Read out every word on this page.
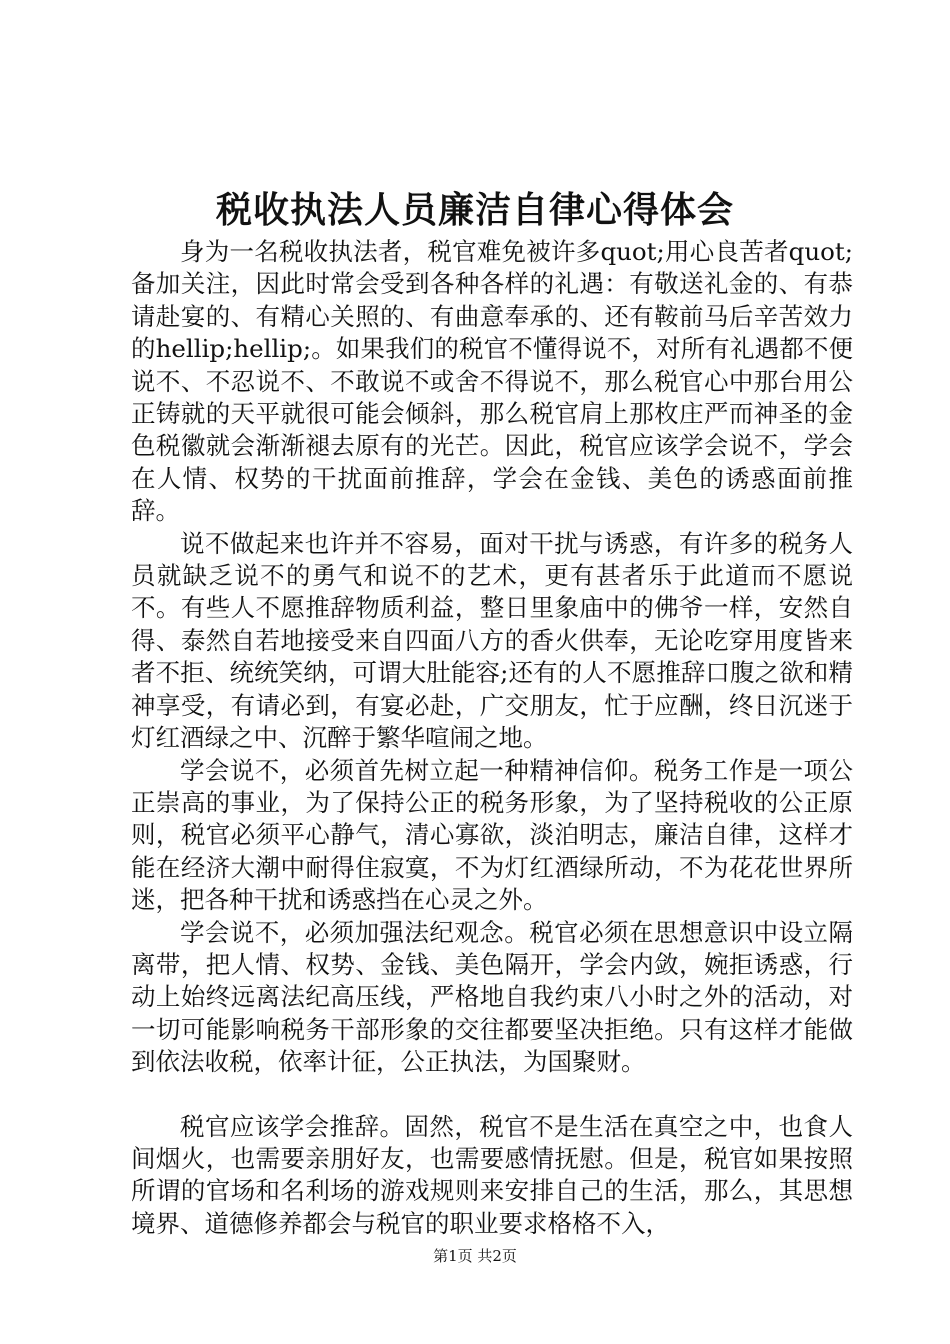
税收执法人员廉洁自律心得体会

身为一名税收执法者，税官难免被许多quot;用心良苦者quot;备加关注，因此时常会受到各种各样的礼遇：有敬送礼金的、有恭请赴宴的、有精心关照的、有曲意奉承的、还有鞍前马后辛苦效力的hellip;hellip;。如果我们的税官不懂得说不，对所有礼遇都不便说不、不忍说不、不敢说不或舍不得说不，那么税官心中那台用公正铸就的天平就很可能会倾斜，那么税官肩上那枚庄严而神圣的金色税徽就会渐渐褪去原有的光芒。因此，税官应该学会说不，学会在人情、权势的干扰面前推辞，学会在金钱、美色的诱惑面前推辞。

说不做起来也许并不容易，面对干扰与诱惑，有许多的税务人员就缺乏说不的勇气和说不的艺术，更有甚者乐于此道而不愿说不。有些人不愿推辞物质利益，整日里象庙中的佛爷一样，安然自得、泰然自若地接受来自四面八方的香火供奉，无论吃穿用度皆来者不拒、统统笑纳，可谓大肚能容;还有的人不愿推辞口腹之欲和精神享受，有请必到，有宴必赴，广交朋友，忙于应酬，终日沉迷于灯红酒绿之中、沉醉于繁华喧闹之地。

学会说不，必须首先树立起一种精神信仰。税务工作是一项公正崇高的事业，为了保持公正的税务形象，为了坚持税收的公正原则，税官必须平心静气，清心寡欲，淡泊明志，廉洁自律，这样才能在经济大潮中耐得住寂寞，不为灯红酒绿所动，不为花花世界所迷，把各种干扰和诱惑挡在心灵之外。

学会说不，必须加强法纪观念。税官必须在思想意识中设立隔离带，把人情、权势、金钱、美色隔开，学会内敛，婉拒诱惑，行动上始终远离法纪高压线，严格地自我约束八小时之外的活动，对一切可能影响税务干部形象的交往都要坚决拒绝。只有这样才能做到依法收税，依率计征，公正执法，为国聚财。

税官应该学会推辞。固然，税官不是生活在真空之中，也食人间烟火，也需要亲朋好友，也需要感情抚慰。但是，税官如果按照所谓的官场和名利场的游戏规则来安排自己的生活，那么，其思想境界、道德修养都会与税官的职业要求格格不入，

第1页 共2页
